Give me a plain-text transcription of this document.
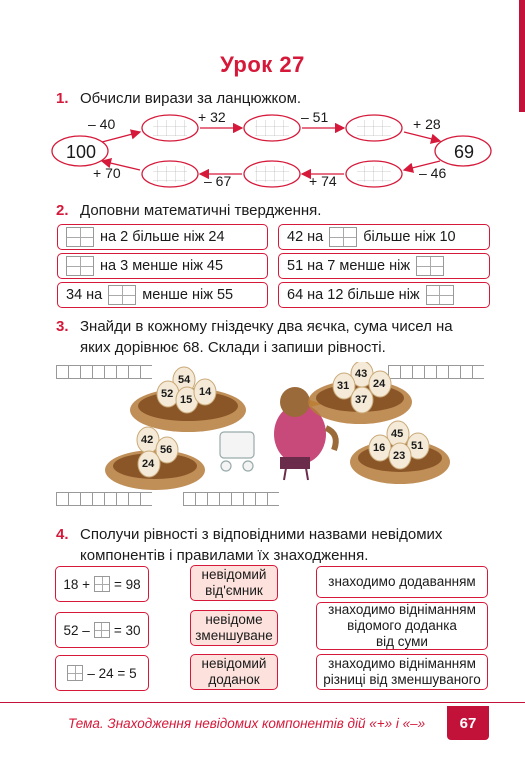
Урок 27
1. Обчисли вирази за ланцюжком.
100	69
– 40	+ 32	– 51	+ 28
+ 70	– 67	+ 74	– 46
2. Доповни математичні твердження.
на 2 більше ніж 24
на 3 менше ніж 45
34 на	менше ніж 55
42 на	більше ніж 10
51 на 7 менше ніж
64 на 12 більше ніж
3. Знайди в кожному гніздечку два яєчка, сума чисел на
яких дорівнює 68. Склади і запиши рівності.
54
52 15
14
42
56
24
43
31 24
37
45
16 51
23
4. Сполучи рівності з відповідними назвами невідомих
компонентів і правилами їх знаходження.
18 + = 98
52 – = 30
– 24 = 5
невідомий
від'ємник
невідоме
зменшуване
невідомий
доданок
знаходимо додаванням
знаходимо відніманням
відомого доданка
від суми
знаходимо відніманням
різниці від зменшуваного
Тема. Знаходження невідомих компонентів дій «+» і «–»	67
